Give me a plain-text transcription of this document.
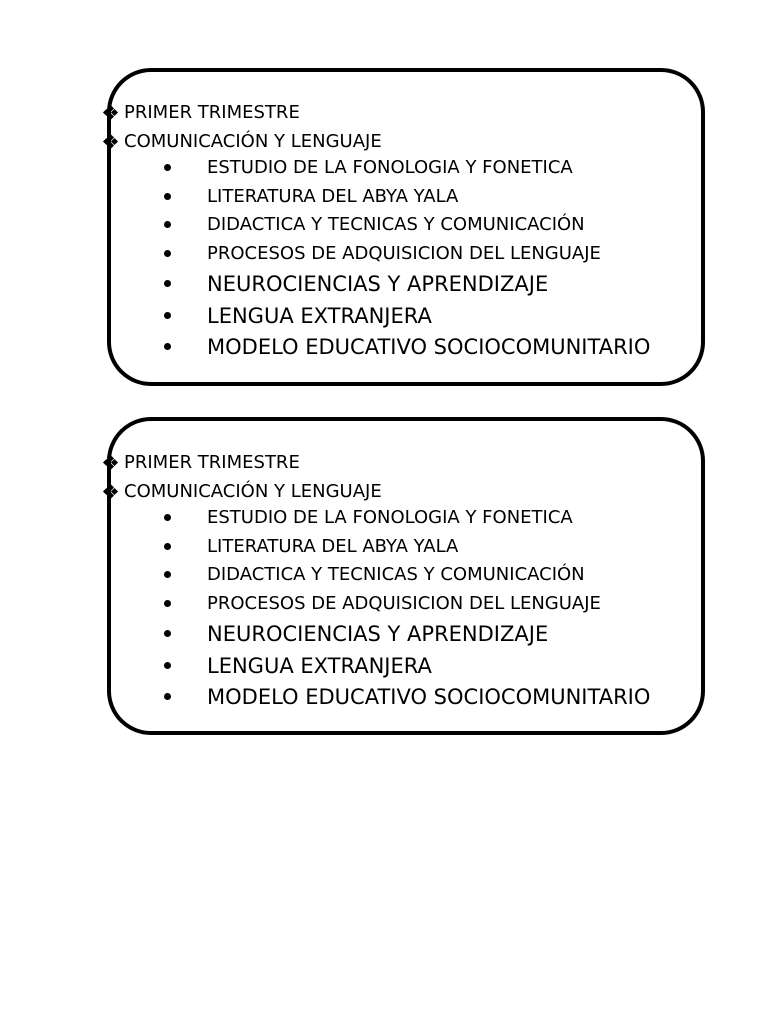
PRIMER TRIMESTRE
COMUNICACIÓN Y LENGUAJE
ESTUDIO DE LA FONOLOGIA Y FONETICA
LITERATURA DEL ABYA YALA
DIDACTICA Y TECNICAS Y COMUNICACIÓN
PROCESOS DE ADQUISICION DEL LENGUAJE
NEUROCIENCIAS Y APRENDIZAJE
LENGUA EXTRANJERA
MODELO EDUCATIVO SOCIOCOMUNITARIO
PRIMER TRIMESTRE
COMUNICACIÓN Y LENGUAJE
ESTUDIO DE LA FONOLOGIA Y FONETICA
LITERATURA DEL ABYA YALA
DIDACTICA Y TECNICAS Y COMUNICACIÓN
PROCESOS DE ADQUISICION DEL LENGUAJE
NEUROCIENCIAS Y APRENDIZAJE
LENGUA EXTRANJERA
MODELO EDUCATIVO SOCIOCOMUNITARIO
